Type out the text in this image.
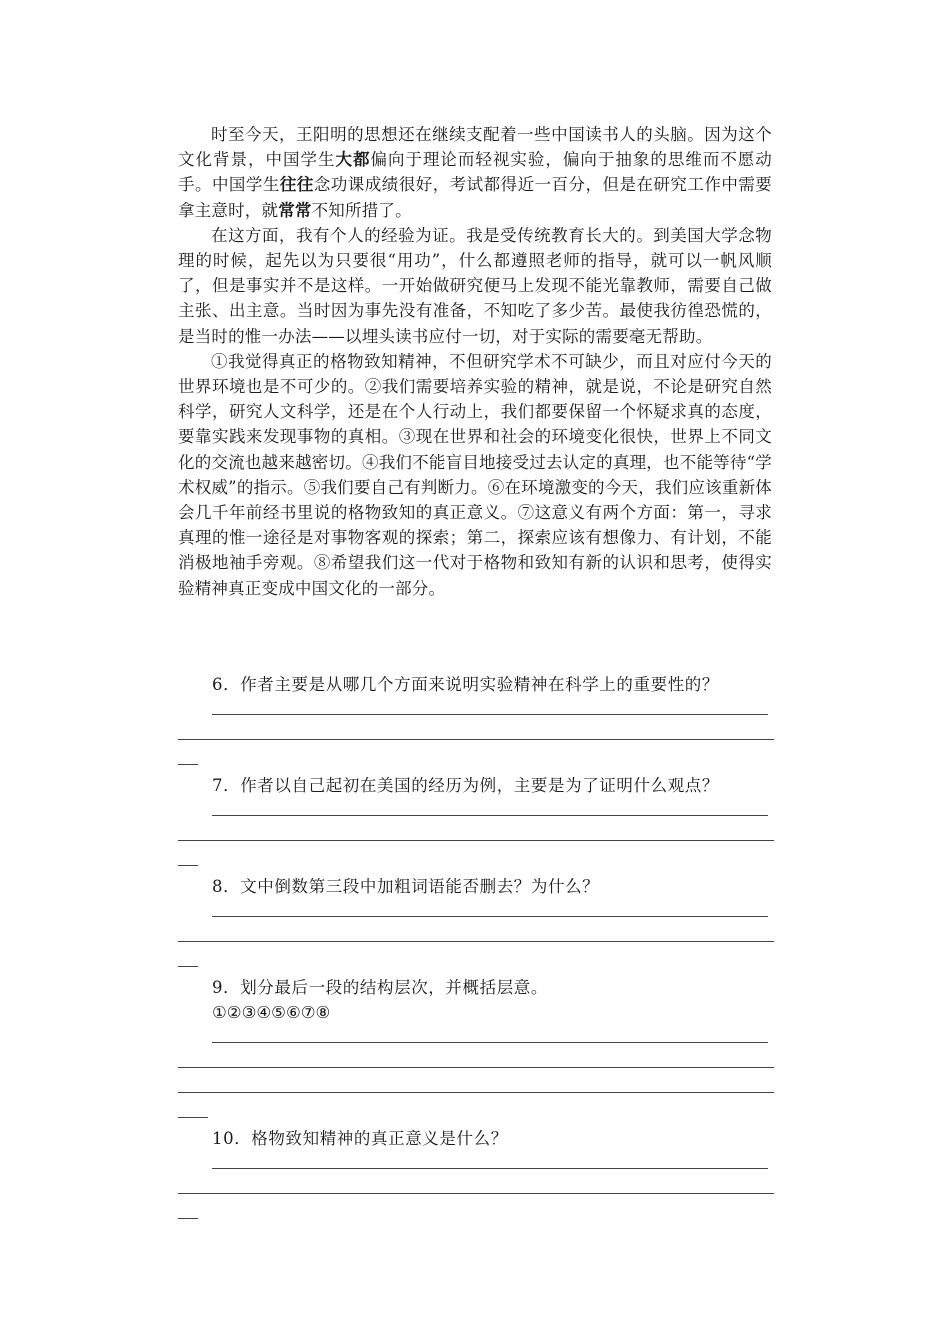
时至今天，王阳明的思想还在继续支配着一些中国读书人的头脑。因为这个文化背景，中国学生大都偏向于理论而轻视实验，偏向于抽象的思维而不愿动手。中国学生往往念功课成绩很好，考试都得近一百分，但是在研究工作中需要拿主意时，就常常不知所措了。

在这方面，我有个人的经验为证。我是受传统教育长大的。到美国大学念物理的时候，起先以为只要很“用功”，什么都遵照老师的指导，就可以一帆风顺了，但是事实并不是这样。一开始做研究便马上发现不能光靠教师，需要自己做主张、出主意。当时因为事先没有准备，不知吃了多少苦。最使我彷徨恐慌的，是当时的惟一办法——以埋头读书应付一切，对于实际的需要毫无帮助。

①我觉得真正的格物致知精神，不但研究学术不可缺少，而且对应付今天的世界环境也是不可少的。②我们需要培养实验的精神，就是说，不论是研究自然科学，研究人文科学，还是在个人行动上，我们都要保留一个怀疑求真的态度，要靠实践来发现事物的真相。③现在世界和社会的环境变化很快，世界上不同文化的交流也越来越密切。④我们不能盲目地接受过去认定的真理，也不能等待“学术权威”的指示。⑤我们要自己有判断力。⑥在环境激变的今天，我们应该重新体会几千年前经书里说的格物致知的真正意义。⑦这意义有两个方面：第一，寻求真理的惟一途径是对事物客观的探索；第二，探索应该有想像力、有计划，不能消极地袖手旁观。⑧希望我们这一代对于格物和致知有新的认识和思考，使得实验精神真正变成中国文化的一部分。

6．作者主要是从哪几个方面来说明实验精神在科学上的重要性的？

7．作者以自己起初在美国的经历为例，主要是为了证明什么观点？

8．文中倒数第三段中加粗词语能否删去？为什么？

9．划分最后一段的结构层次，并概括层意。

①②③④⑤⑥⑦⑧

10．格物致知精神的真正意义是什么？
